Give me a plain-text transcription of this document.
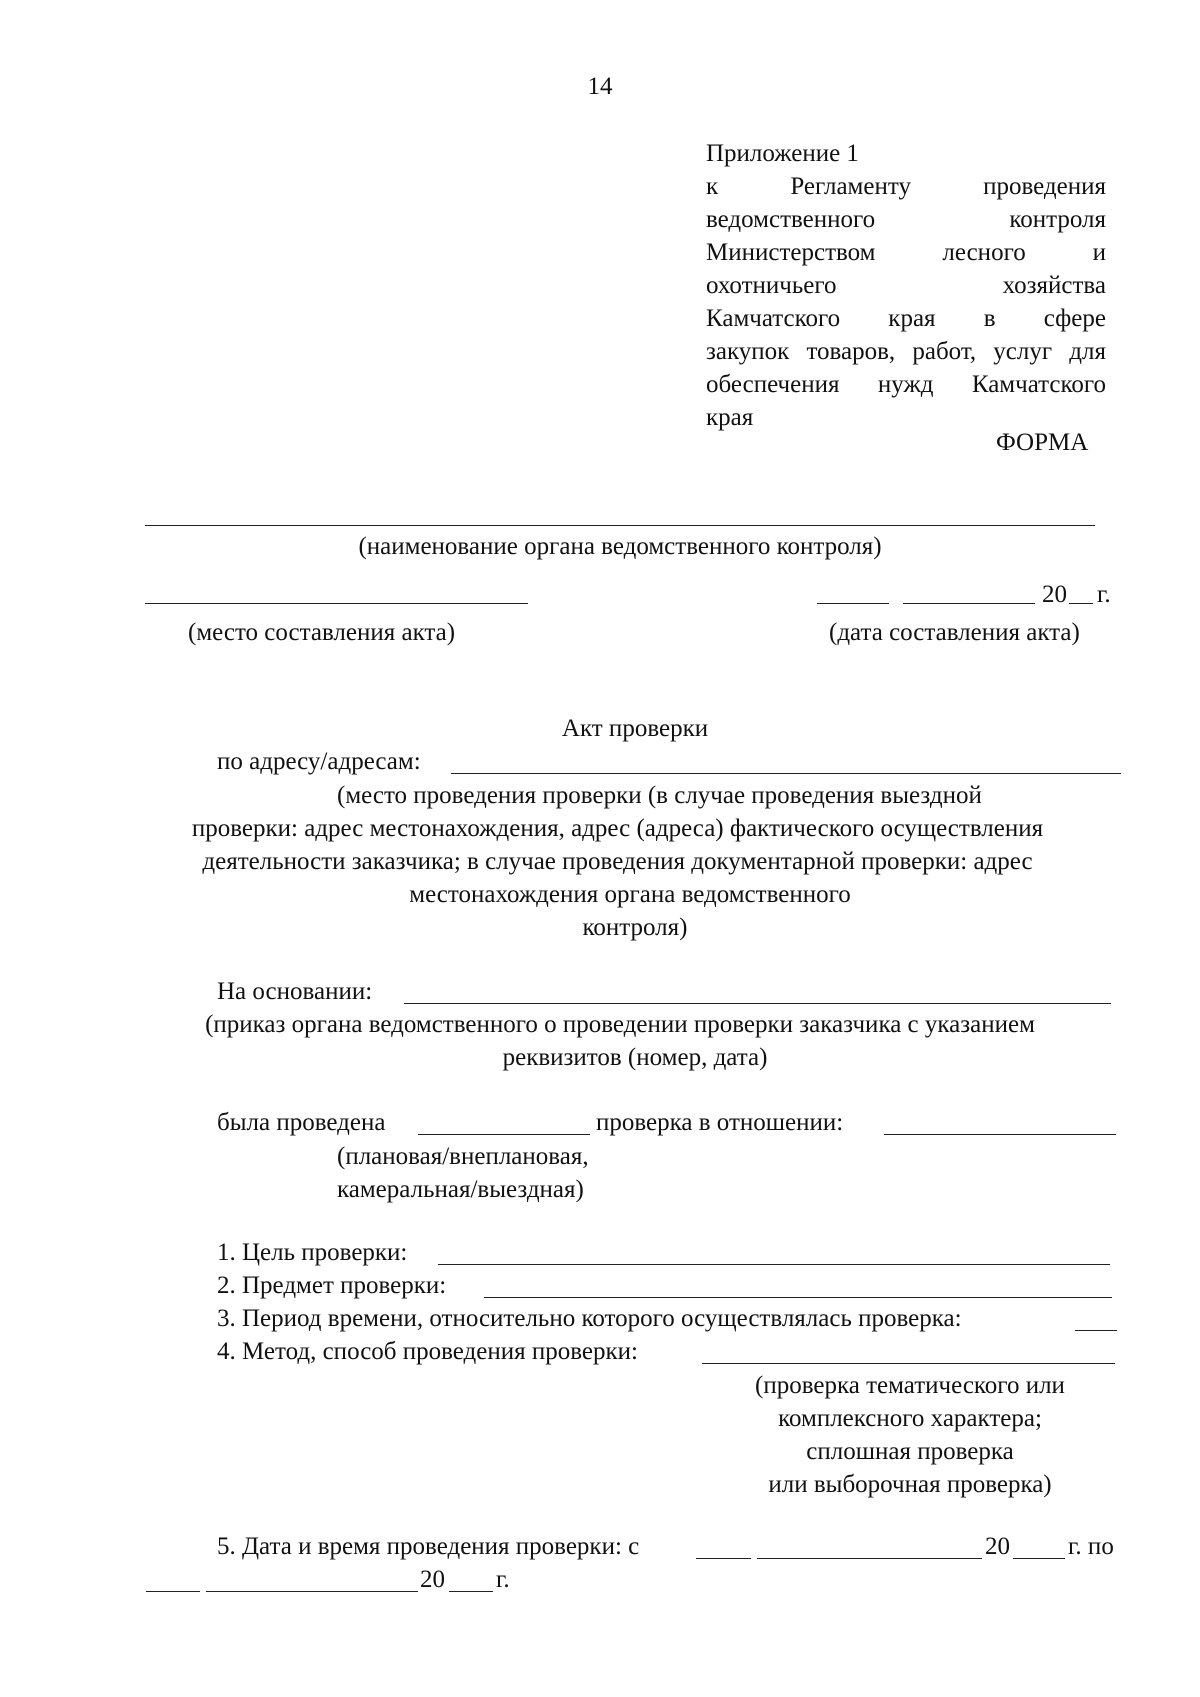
14
Приложение 1
к Регламенту проведения
ведомственного контроля
Министерством лесного и
охотничьего хозяйства
Камчатского края в сфере
закупок товаров, работ, услуг для
обеспечения нужд Камчатского
края
ФОРМА
(наименование органа ведомственного контроля)
20 г.
(место составления акта)	(дата составления акта)
Акт проверки
по адресу/адресам:
(место проведения проверки (в случае проведения выездной
проверки: адрес местонахождения, адрес (адреса) фактического осуществления
деятельности заказчика; в случае проведения документарной проверки: адрес
местонахождения органа ведомственного
контроля)
На основании:
(приказ органа ведомственного о проведении проверки заказчика с указанием
реквизитов (номер, дата)
была проведена	проверка в отношении:
(плановая/внеплановая,
камеральная/выездная)
1. Цель проверки:
2. Предмет проверки:
3. Период времени, относительно которого осуществлялась проверка:
4. Метод, способ проведения проверки:
(проверка тематического или
комплексного характера;
сплошная проверка
или выборочная проверка)
5. Дата и время проведения проверки: с	20 г. по
20 г.
